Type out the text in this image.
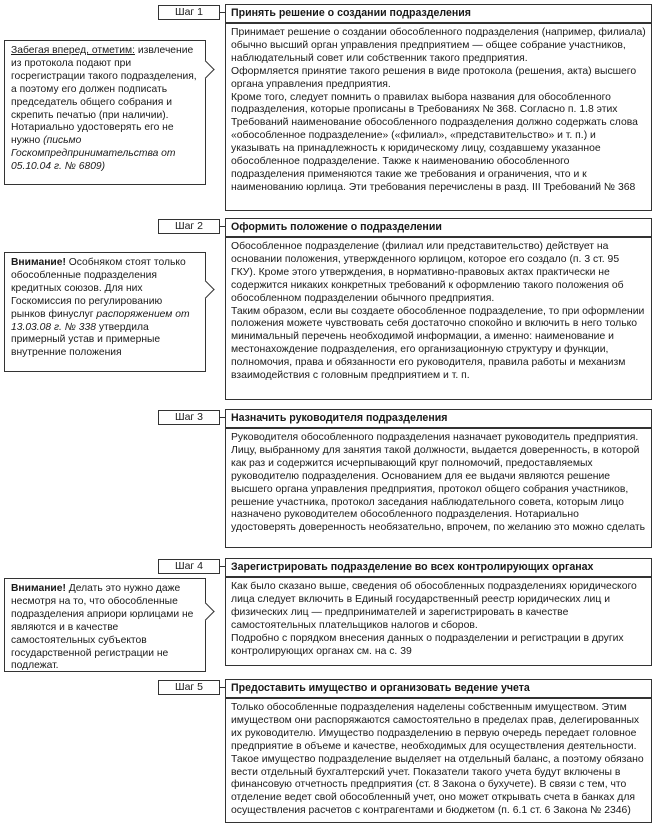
Шаг 1	Принять решение о создании подразделения

Принимает решение о создании обособленного подразделения (например, филиала) обычно высший орган управления предприятием — общее собрание участников, наблюдательный совет или собственник такого предприятия.

Оформляется принятие такого решения в виде протокола (решения, акта) высшего органа управления предприятия.

Кроме того, следует помнить о правилах выбора названия для обособленного подразделения, которые прописаны в Требованиях № 368. Согласно п. 1.8 этих Требований наименование обособленного подразделения должно содержать слова «обособленное подразделение» («филиал», «представительство» и т. п.) и указывать на принадлежность к юридическому лицу, создавшему указанное обособленное подразделение. Также к наименованию обособленного подразделения применяются такие же требования и ограничения, что и к наименованию юрлица. Эти требования перечислены в разд. III Требований № 368

Забегая вперед, отметим: извлечение из протокола подают при госрегистрации такого подразделения, а поэтому его должен подписать председатель общего собрания и скрепить печатью (при наличии). Нотариально удостоверять его не нужно (письмо Госкомпредпринимательства от 05.10.04 г. № 6809)

Шаг 2	Оформить положение о подразделении

Обособленное подразделение (филиал или представительство) действует на основании положения, утвержденного юрлицом, которое его создало (п. 3 ст. 95 ГКУ). Кроме этого утверждения, в нормативно-правовых актах практически не содержится никаких конкретных требований к оформлению такого положения об обособленном подразделении обычного предприятия.

Таким образом, если вы создаете обособленное подразделение, то при оформлении положения можете чувствовать себя достаточно спокойно и включить в него только минимальный перечень необходимой информации, а именно: наименование и местонахождение подразделения, его организационную структуру и функции, полномочия, права и обязанности его руководителя, правила работы и механизм взаимодействия с головным предприятием и т. п.

Внимание! Особняком стоят только обособленные подразделения кредитных союзов. Для них Госкомиссия по регулированию рынков финуслуг распоряжением от 13.03.08 г. № 338 утвердила примерный устав и примерные внутренние положения

Шаг 3	Назначить руководителя подразделения

Руководителя обособленного подразделения назначает руководитель предприятия. Лицу, выбранному для занятия такой должности, выдается доверенность, в которой как раз и содержится исчерпывающий круг полномочий, предоставляемых руководителю подразделения. Основанием для ее выдачи являются решение высшего органа управления предприятия, протокол общего собрания участников, решение участника, протокол заседания наблюдательного совета, которым лицо назначено руководителем обособленного подразделения. Нотариально удостоверять доверенность необязательно, впрочем, по желанию это можно сделать

Шаг 4	Зарегистрировать подразделение во всех контролирующих органах

Как было сказано выше, сведения об обособленных подразделениях юридического лица следует включить в Единый государственный реестр юридических лиц и физических лиц — предпринимателей и зарегистрировать в качестве самостоятельных плательщиков налогов и сборов.

Подробно с порядком внесения данных о подразделении и регистрации в других контролирующих органах см. на с. 39

Внимание! Делать это нужно даже несмотря на то, что обособленные подразделения априори юрлицами не являются и в качестве самостоятельных субъектов государственной регистрации не подлежат.

Шаг 5	Предоставить имущество и организовать ведение учета

Только обособленные подразделения наделены собственным имуществом. Этим имуществом они распоряжаются самостоятельно в пределах прав, делегированных их руководителю. Имущество подразделению в первую очередь передает головное предприятие в объеме и качестве, необходимых для осуществления деятельности.

Такое имущество подразделение выделяет на отдельный баланс, а поэтому обязано вести отдельный бухгалтерский учет. Показатели такого учета будут включены в финансовую отчетность предприятия (ст. 8 Закона о бухучете). В связи с тем, что отделение ведет свой обособленный учет, оно может открывать счета в банках для осуществления расчетов с контрагентами и бюджетом (п. 6.1 ст. 6 Закона № 2346)
